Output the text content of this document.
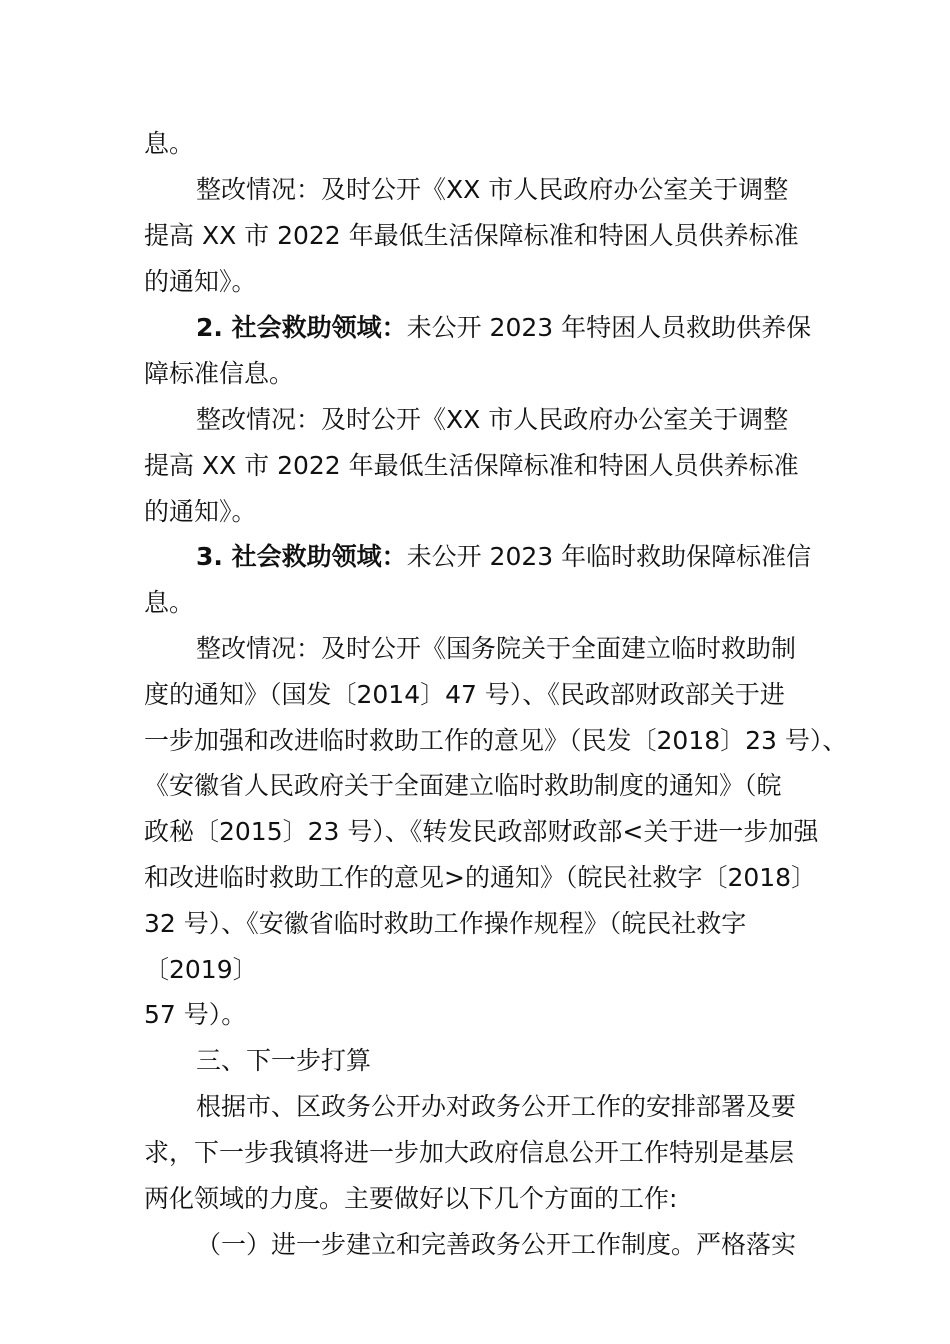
息。

整改情况：及时公开《XX 市人民政府办公室关于调整

提高 XX 市 2022 年最低生活保障标准和特困人员供养标准

的通知》。

2. 社会救助领域：未公开 2023 年特困人员救助供养保

障标准信息。

整改情况：及时公开《XX 市人民政府办公室关于调整

提高 XX 市 2022 年最低生活保障标准和特困人员供养标准

的通知》。

3. 社会救助领域：未公开 2023 年临时救助保障标准信

息。

整改情况：及时公开《国务院关于全面建立临时救助制

度的通知》（国发〔2014〕47 号）、《民政部财政部关于进

一步加强和改进临时救助工作的意见》（民发〔2018〕23 号）、

《安徽省人民政府关于全面建立临时救助制度的通知》（皖

政秘〔2015〕23 号）、《转发民政部财政部<关于进一步加强

和改进临时救助工作的意见>的通知》（皖民社救字〔2018〕

32 号）、《安徽省临时救助工作操作规程》（皖民社救字

〔2019〕

57 号）。

三、下一步打算

根据市、区政务公开办对政务公开工作的安排部署及要

求，下一步我镇将进一步加大政府信息公开工作特别是基层

两化领域的力度。主要做好以下几个方面的工作:

（一）进一步建立和完善政务公开工作制度。严格落实
